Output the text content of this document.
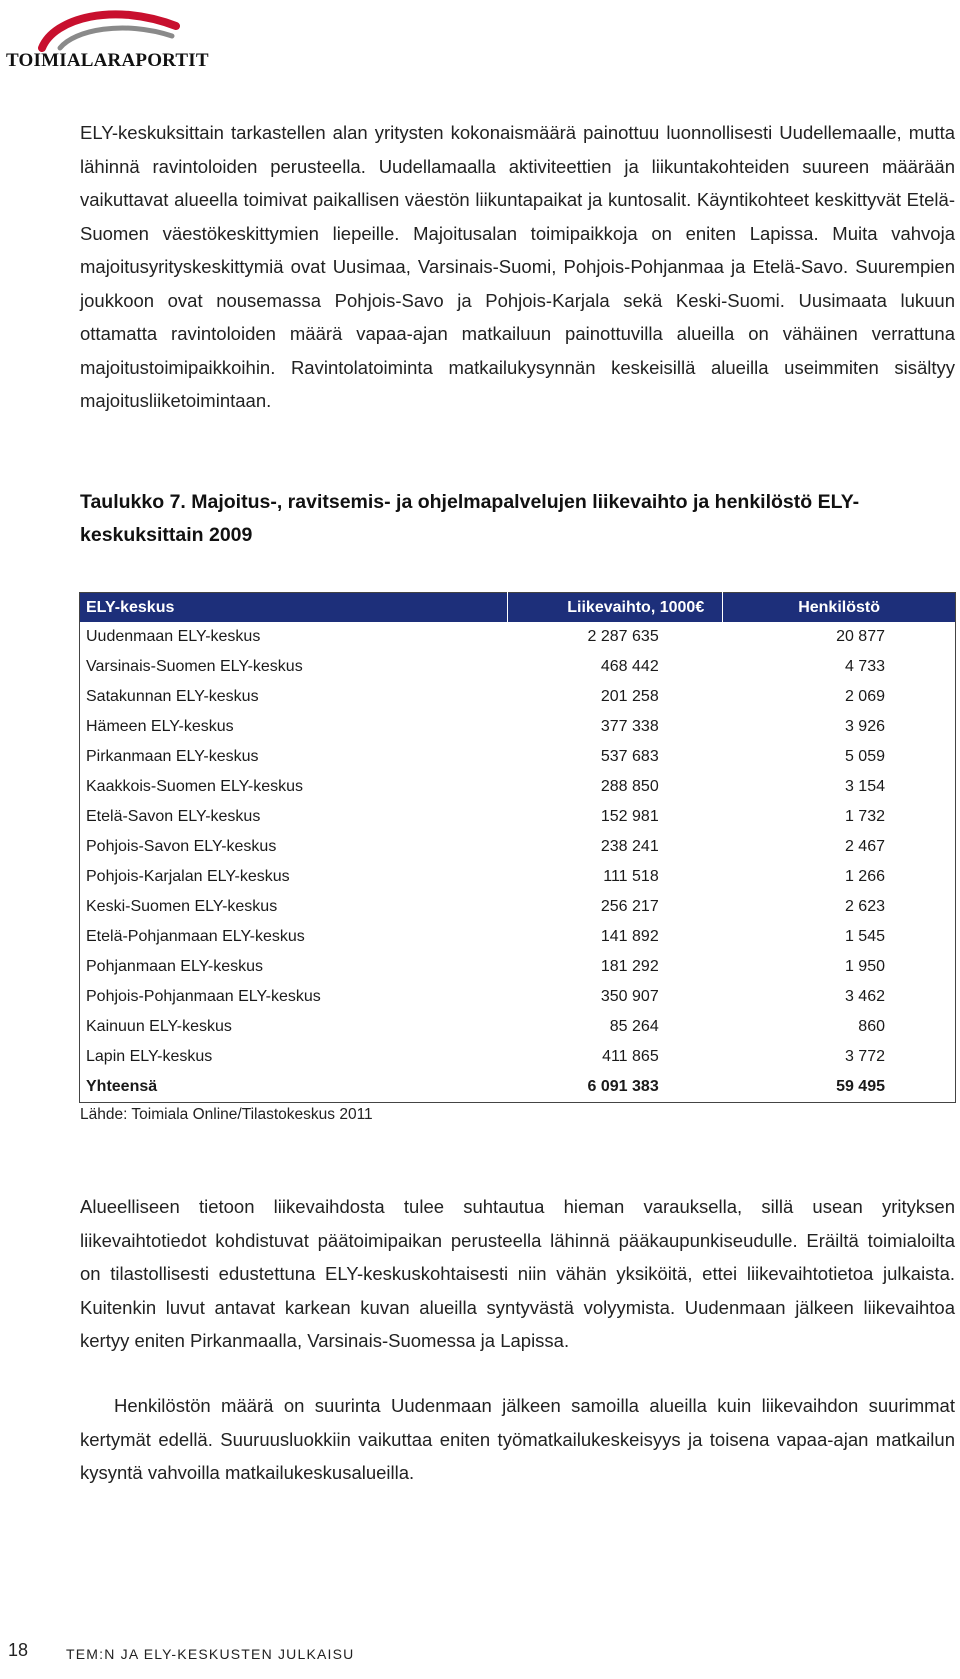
TOIMIALARAPORTIT

ELY-keskuksittain tarkastellen alan yritysten kokonaismäärä painottuu luonnollisesti Uudellemaalle, mutta lähinnä ravintoloiden perusteella. Uudellamaalla aktiviteettien ja liikuntakohteiden suureen määrään vaikuttavat alueella toimivat paikallisen väestön liikuntapaikat ja kuntosalit. Käyntikohteet keskittyvät Etelä-Suomen väestökeskittymien liepeille. Majoitusalan toimipaikkoja on eniten Lapissa. Muita vahvoja majoitusyrityskeskittymiä ovat Uusimaa, Varsinais-Suomi, Pohjois-Pohjanmaa ja Etelä-Savo. Suurempien joukkoon ovat nousemassa Pohjois-Savo ja Pohjois-Karjala sekä Keski-Suomi. Uusimaata lukuun ottamatta ravintoloiden määrä vapaa-ajan matkailuun painottuvilla alueilla on vähäinen verrattuna majoitustoimipaikkoihin. Ravintolatoiminta matkailukysynnän keskeisillä alueilla useimmiten sisältyy majoitusliiketoimintaan.

Taulukko 7. Majoitus-, ravitsemis- ja ohjelmapalvelujen liikevaihto ja henkilöstö ELY-keskuksittain 2009

ELY-keskus	Liikevaihto, 1000€	Henkilöstö
Uudenmaan ELY-keskus	2 287 635	20 877
Varsinais-Suomen ELY-keskus	468 442	4 733
Satakunnan ELY-keskus	201 258	2 069
Hämeen ELY-keskus	377 338	3 926
Pirkanmaan ELY-keskus	537 683	5 059
Kaakkois-Suomen ELY-keskus	288 850	3 154
Etelä-Savon ELY-keskus	152 981	1 732
Pohjois-Savon ELY-keskus	238 241	2 467
Pohjois-Karjalan ELY-keskus	111 518	1 266
Keski-Suomen ELY-keskus	256 217	2 623
Etelä-Pohjanmaan ELY-keskus	141 892	1 545
Pohjanmaan ELY-keskus	181 292	1 950
Pohjois-Pohjanmaan ELY-keskus	350 907	3 462
Kainuun ELY-keskus	85 264	860
Lapin ELY-keskus	411 865	3 772
Yhteensä	6 091 383	59 495
Lähde: Toimiala Online/Tilastokeskus 2011

Alueelliseen tietoon liikevaihdosta tulee suhtautua hieman varauksella, sillä usean yrityksen liikevaihtotiedot kohdistuvat päätoimipaikan perusteella lähinnä pääkaupunkiseudulle. Eräiltä toimialoilta on tilastollisesti edustettuna ELY-keskuskohtaisesti niin vähän yksiköitä, ettei liikevaihtotietoa julkaista. Kuitenkin luvut antavat karkean kuvan alueilla syntyvästä volyymista. Uudenmaan jälkeen liikevaihtoa kertyy eniten Pirkanmaalla, Varsinais-Suomessa ja Lapissa.

Henkilöstön määrä on suurinta Uudenmaan jälkeen samoilla alueilla kuin liikevaihdon suurimmat kertymät edellä. Suuruusluokkiin vaikuttaa eniten työmatkailukeskeisyys ja toisena vapaa-ajan matkailun kysyntä vahvoilla matkailukeskusalueilla.

18	TEM:N JA ELY-KESKUSTEN JULKAISU
